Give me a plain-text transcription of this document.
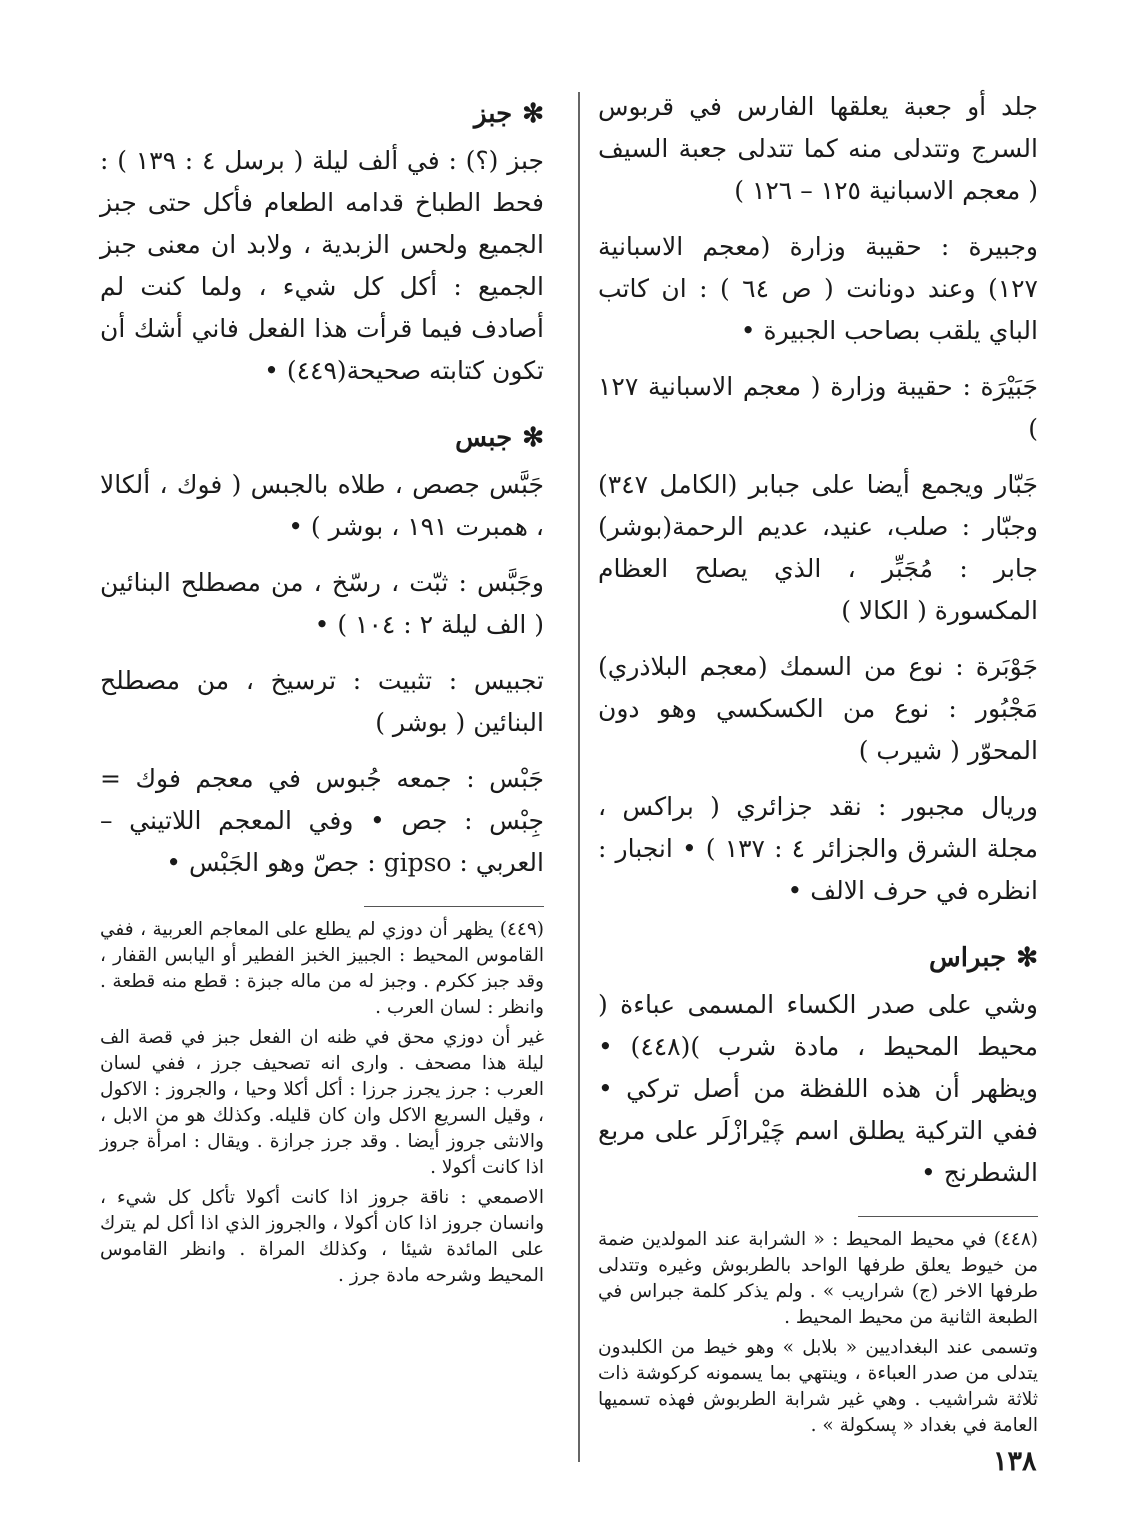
جلد أو جعبة يعلقها الفارس في قربوس السرج وتتدلى منه كما تتدلى جعبة السيف ( معجم الاسبانية ١٢٥ – ١٢٦ )

وجبيرة : حقيبة وزارة (معجم الاسبانية ١٢٧) وعند دونانت ( ص ٦٤ ) : ان كاتب الباي يلقب بصاحب الجبيرة •

جَبَيْرَة : حقيبة وزارة ( معجم الاسبانية ١٢٧ )

جَبّار ويجمع أيضا على جبابر (الكامل ٣٤٧) وجبّار : صلب، عنيد، عديم الرحمة(بوشر) جابر : مُجَبِّر ، الذي يصلح العظام المكسورة ( الكالا )

جَوْبَرة : نوع من السمك (معجم البلاذري) مَجْبُور : نوع من الكسكسي وهو دون المحوّر ( شيرب )

وريال مجبور : نقد جزائري ( براكس ، مجلة الشرق والجزائر ٤ : ١٣٧ ) • انجبار : انظره في حرف الالف •

✻جبراس

وشي على صدر الكساء المسمى عباءة ( محيط المحيط ، مادة شرب )(٤٤٨) • ويظهر أن هذه اللفظة من أصل تركي • ففي التركية يطلق اسم چَيْرازْلَر على مربع الشطرنج •

(٤٤٨) في محيط المحيط : « الشرابة عند المولدين ضمة من خيوط يعلق طرفها الواحد بالطربوش وغيره وتتدلى طرفها الاخر (ج) شراريب » . ولم يذكر كلمة جبراس في الطبعة الثانية من محيط المحيط .

وتسمى عند البغداديين « بلابل » وهو خيط من الكلبدون يتدلى من صدر العباءة ، وينتهي بما يسمونه كركوشة ذات ثلاثة شراشيب . وهي غير شرابة الطربوش فهذه تسميها العامة في بغداد « پسكولة » .

✻جبز

جبز (؟) : في ألف ليلة ( برسل ٤ : ١٣٩ ) : فحط الطباخ قدامه الطعام فأكل حتى جبز الجميع ولحس الزبدية ، ولابد ان معنى جبز الجميع : أكل كل شيء ، ولما كنت لم أصادف فيما قرأت هذا الفعل فاني أشك أن تكون كتابته صحيحة(٤٤٩) •

✻جبس

جَبَّس جصص ، طلاه بالجبس ( فوك ، ألكالا ، همبرت ١٩١ ، بوشر ) •

وجَبَّس : ثبّت ، رسّخ ، من مصطلح البنائين ( الف ليلة ٢ : ١٠٤ ) •

تجبيس : تثبيت : ترسيخ ، من مصطلح البنائين ( بوشر )

جَبْس : جمعه جُبوس في معجم فوك = جِبْس : جص • وفي المعجم اللاتيني – العربي : gipso : جصّ وهو الجَبْس •

(٤٤٩) يظهر أن دوزي لم يطلع على المعاجم العربية ، ففي القاموس المحيط : الجبيز الخبز الفطير أو اليابس القفار ، وقد جبز ككرم . وجبز له من ماله جبزة : قطع منه قطعة . وانظر : لسان العرب .

غير أن دوزي محق في ظنه ان الفعل جبز في قصة الف ليلة هذا مصحف . وارى انه تصحيف جرز ، ففي لسان العرب : جرز يجرز جرزا : أكل أكلا وحيا ، والجروز : الاكول ، وقيل السريع الاكل وان كان قليله. وكذلك هو من الابل ، والانثى جروز أيضا . وقد جرز جرازة . ويقال : امرأة جروز اذا كانت أكولا .

الاصمعي : ناقة جروز اذا كانت أكولا تأكل كل شيء ، وانسان جروز اذا كان أكولا ، والجروز الذي اذا أكل لم يترك على المائدة شيئا ، وكذلك المراة . وانظر القاموس المحيط وشرحه مادة جرز .

١٣٨
